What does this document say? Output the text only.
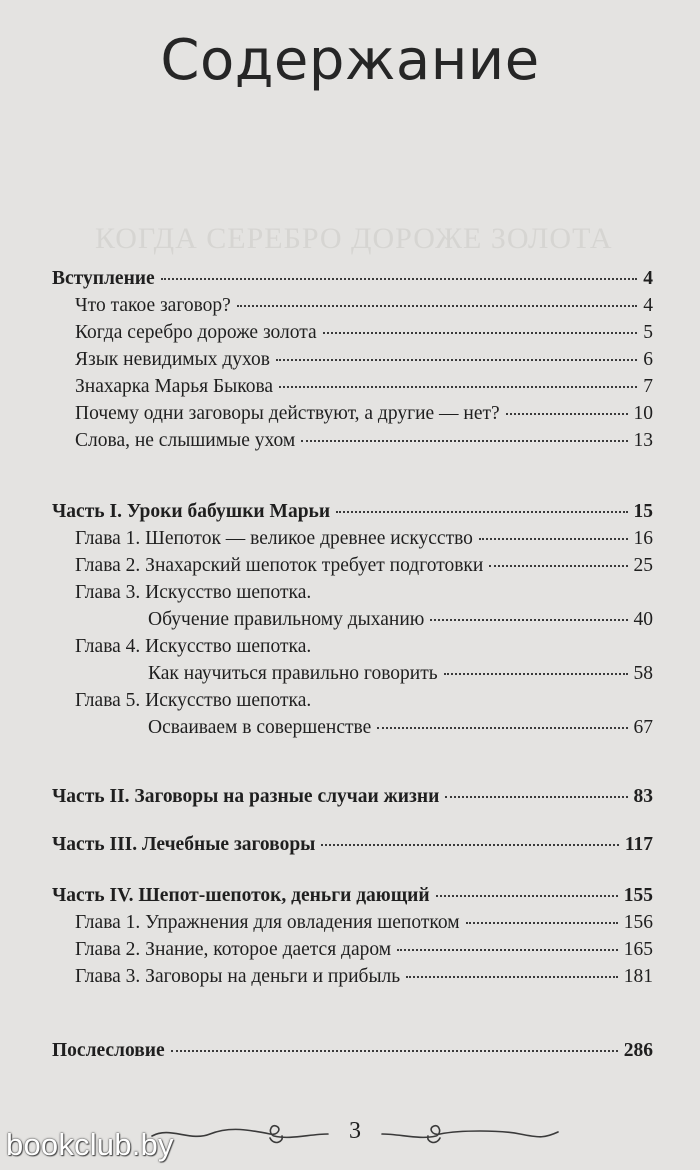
КОГДА СЕРЕБРО ДОРОЖЕ ЗОЛОТА
Содержание
Вступление	4
Что такое заговор?	4
Когда серебро дороже золота	5
Язык невидимых духов	6
Знахарка Марья Быкова	7
Почему одни заговоры действуют, а другие — нет?	10
Слова, не слышимые ухом	13
Часть I. Уроки бабушки Марьи	15
Глава 1. Шепоток — великое древнее искусство	16
Глава 2. Знахарский шепоток требует подготовки	25
Глава 3. Искусство шепотка.
Обучение правильному дыханию	40
Глава 4. Искусство шепотка.
Как научиться правильно говорить	58
Глава 5. Искусство шепотка.
Осваиваем в совершенстве	67
Часть II. Заговоры на разные случаи жизни	83
Часть III. Лечебные заговоры	117
Часть IV. Шепот-шепоток, деньги дающий	155
Глава 1. Упражнения для овладения шепотком	156
Глава 2. Знание, которое дается даром	165
Глава 3. Заговоры на деньги и прибыль	181
Послесловие	286
3
bookclub.by
